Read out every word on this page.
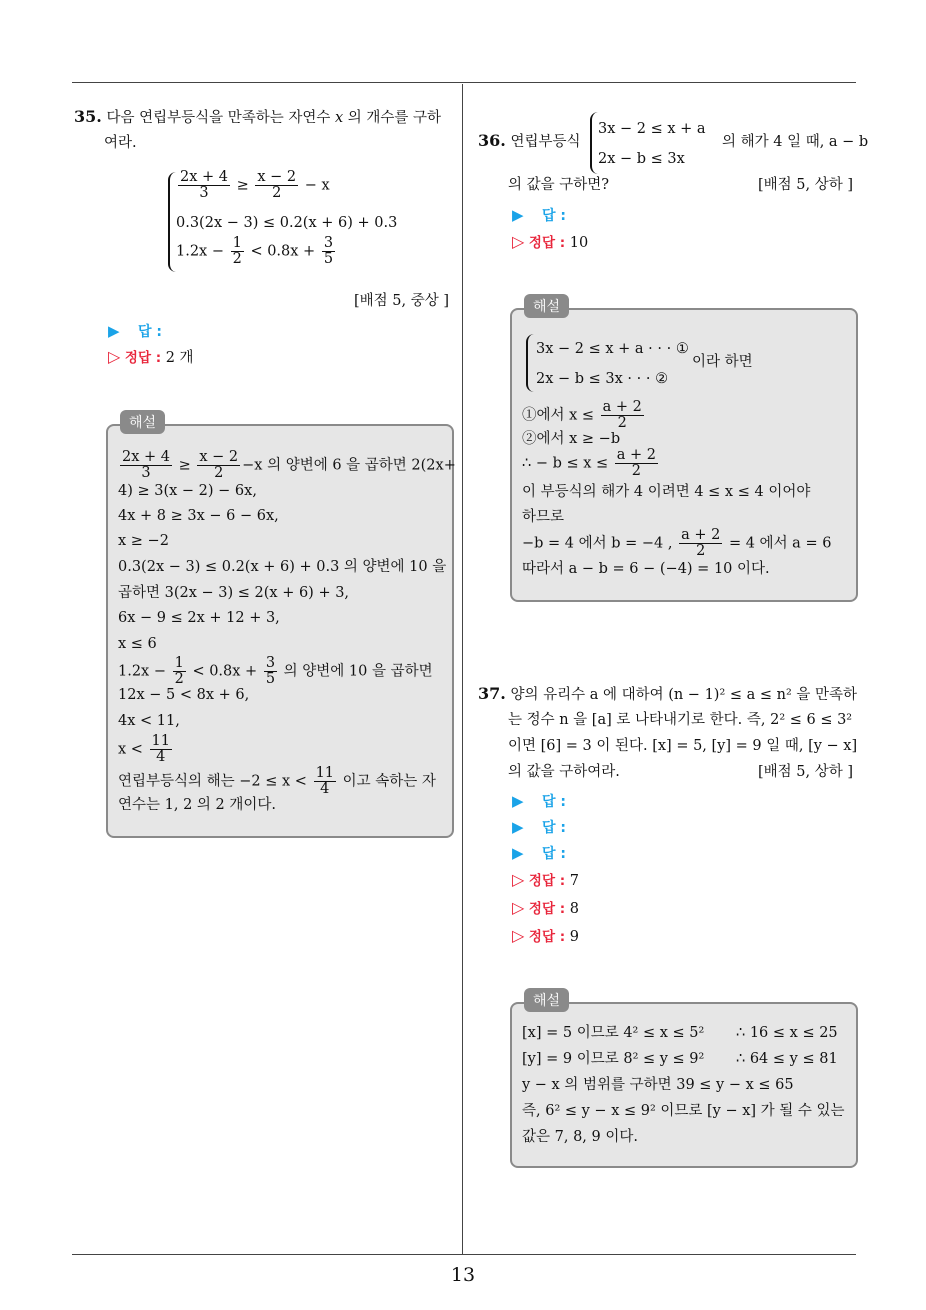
13
35. 다음 연립부등식을 만족하는 자연수 x 의 개수를 구하
여라.
$\frac{2x + 4}{3} \ge \frac{x - 2}{2} - x$
0.3(2x − 3) ≤ 0.2(x + 6) + 0.3
$1.2x - \frac{1}{2} < 0.8x + \frac{3}{5}$
[배점 5, 중상 ]
▶ 답 :
▷ 정답 : 2 개
해설
$\frac{2x + 4}{3} \ge \frac{x - 2}{2} -x$ 의 양변에 6 을 곱하면 2(2x+
4) ≥ 3(x − 2) − 6x,
4x + 8 ≥ 3x − 6 − 6x,
x ≥ −2
0.3(2x − 3) ≤ 0.2(x + 6) + 0.3 의 양변에 10 을
곱하면 3(2x − 3) ≤ 2(x + 6) + 3,
6x − 9 ≤ 2x + 12 + 3,
x ≤ 6
$1.2x - \frac{1}{2} < 0.8x + \frac{3}{5}$ 의 양변에 10 을 곱하면
12x − 5 < 8x + 6,
4x < 11,
$x < \frac{11}{4}$
연립부등식의 해는 $-2 \le x < \frac{11}{4}$ 이고 속하는 자
연수는 1, 2 의 2 개이다.
36. 연립부등식
3x − 2 ≤ x + a
2x − b ≤ 3x
의 해가 4 일 때, a − b
의 값을 구하면?	[배점 5, 상하 ]
▶ 답 :
▷ 정답 : 10
해설
3x − 2 ≤ x + a · · · ①
2x − b ≤ 3x · · · ②
이라 하면
①에서 $x \le \frac{a + 2}{2}$
②에서 x ≥ −b
∴ − $b \le x \le \frac{a + 2}{2}$
이 부등식의 해가 4 이려면 4 ≤ x ≤ 4 이어야
하므로
−b = 4 에서 b = −4 , $\frac{a + 2}{2} = 4$ 에서 a = 6
따라서 a − b = 6 − (−4) = 10 이다.
37. 양의 유리수 a 에 대하여 (n − 1)² ≤ a ≤ n² 을 만족하
는 정수 n 을 [a] 로 나타내기로 한다. 즉, 2² ≤ 6 ≤ 3²
이면 [6] = 3 이 된다. [x] = 5, [y] = 9 일 때, [y − x]
의 값을 구하여라.	[배점 5, 상하 ]
▶ 답 :
▶ 답 :
▶ 답 :
▷ 정답 : 7
▷ 정답 : 8
▷ 정답 : 9
해설
[x] = 5 이므로 4² ≤ x ≤ 5² ∴ 16 ≤ x ≤ 25
[y] = 9 이므로 8² ≤ y ≤ 9² ∴ 64 ≤ y ≤ 81
y − x 의 범위를 구하면 39 ≤ y − x ≤ 65
즉, 6² ≤ y − x ≤ 9² 이므로 [y − x] 가 될 수 있는
값은 7, 8, 9 이다.
